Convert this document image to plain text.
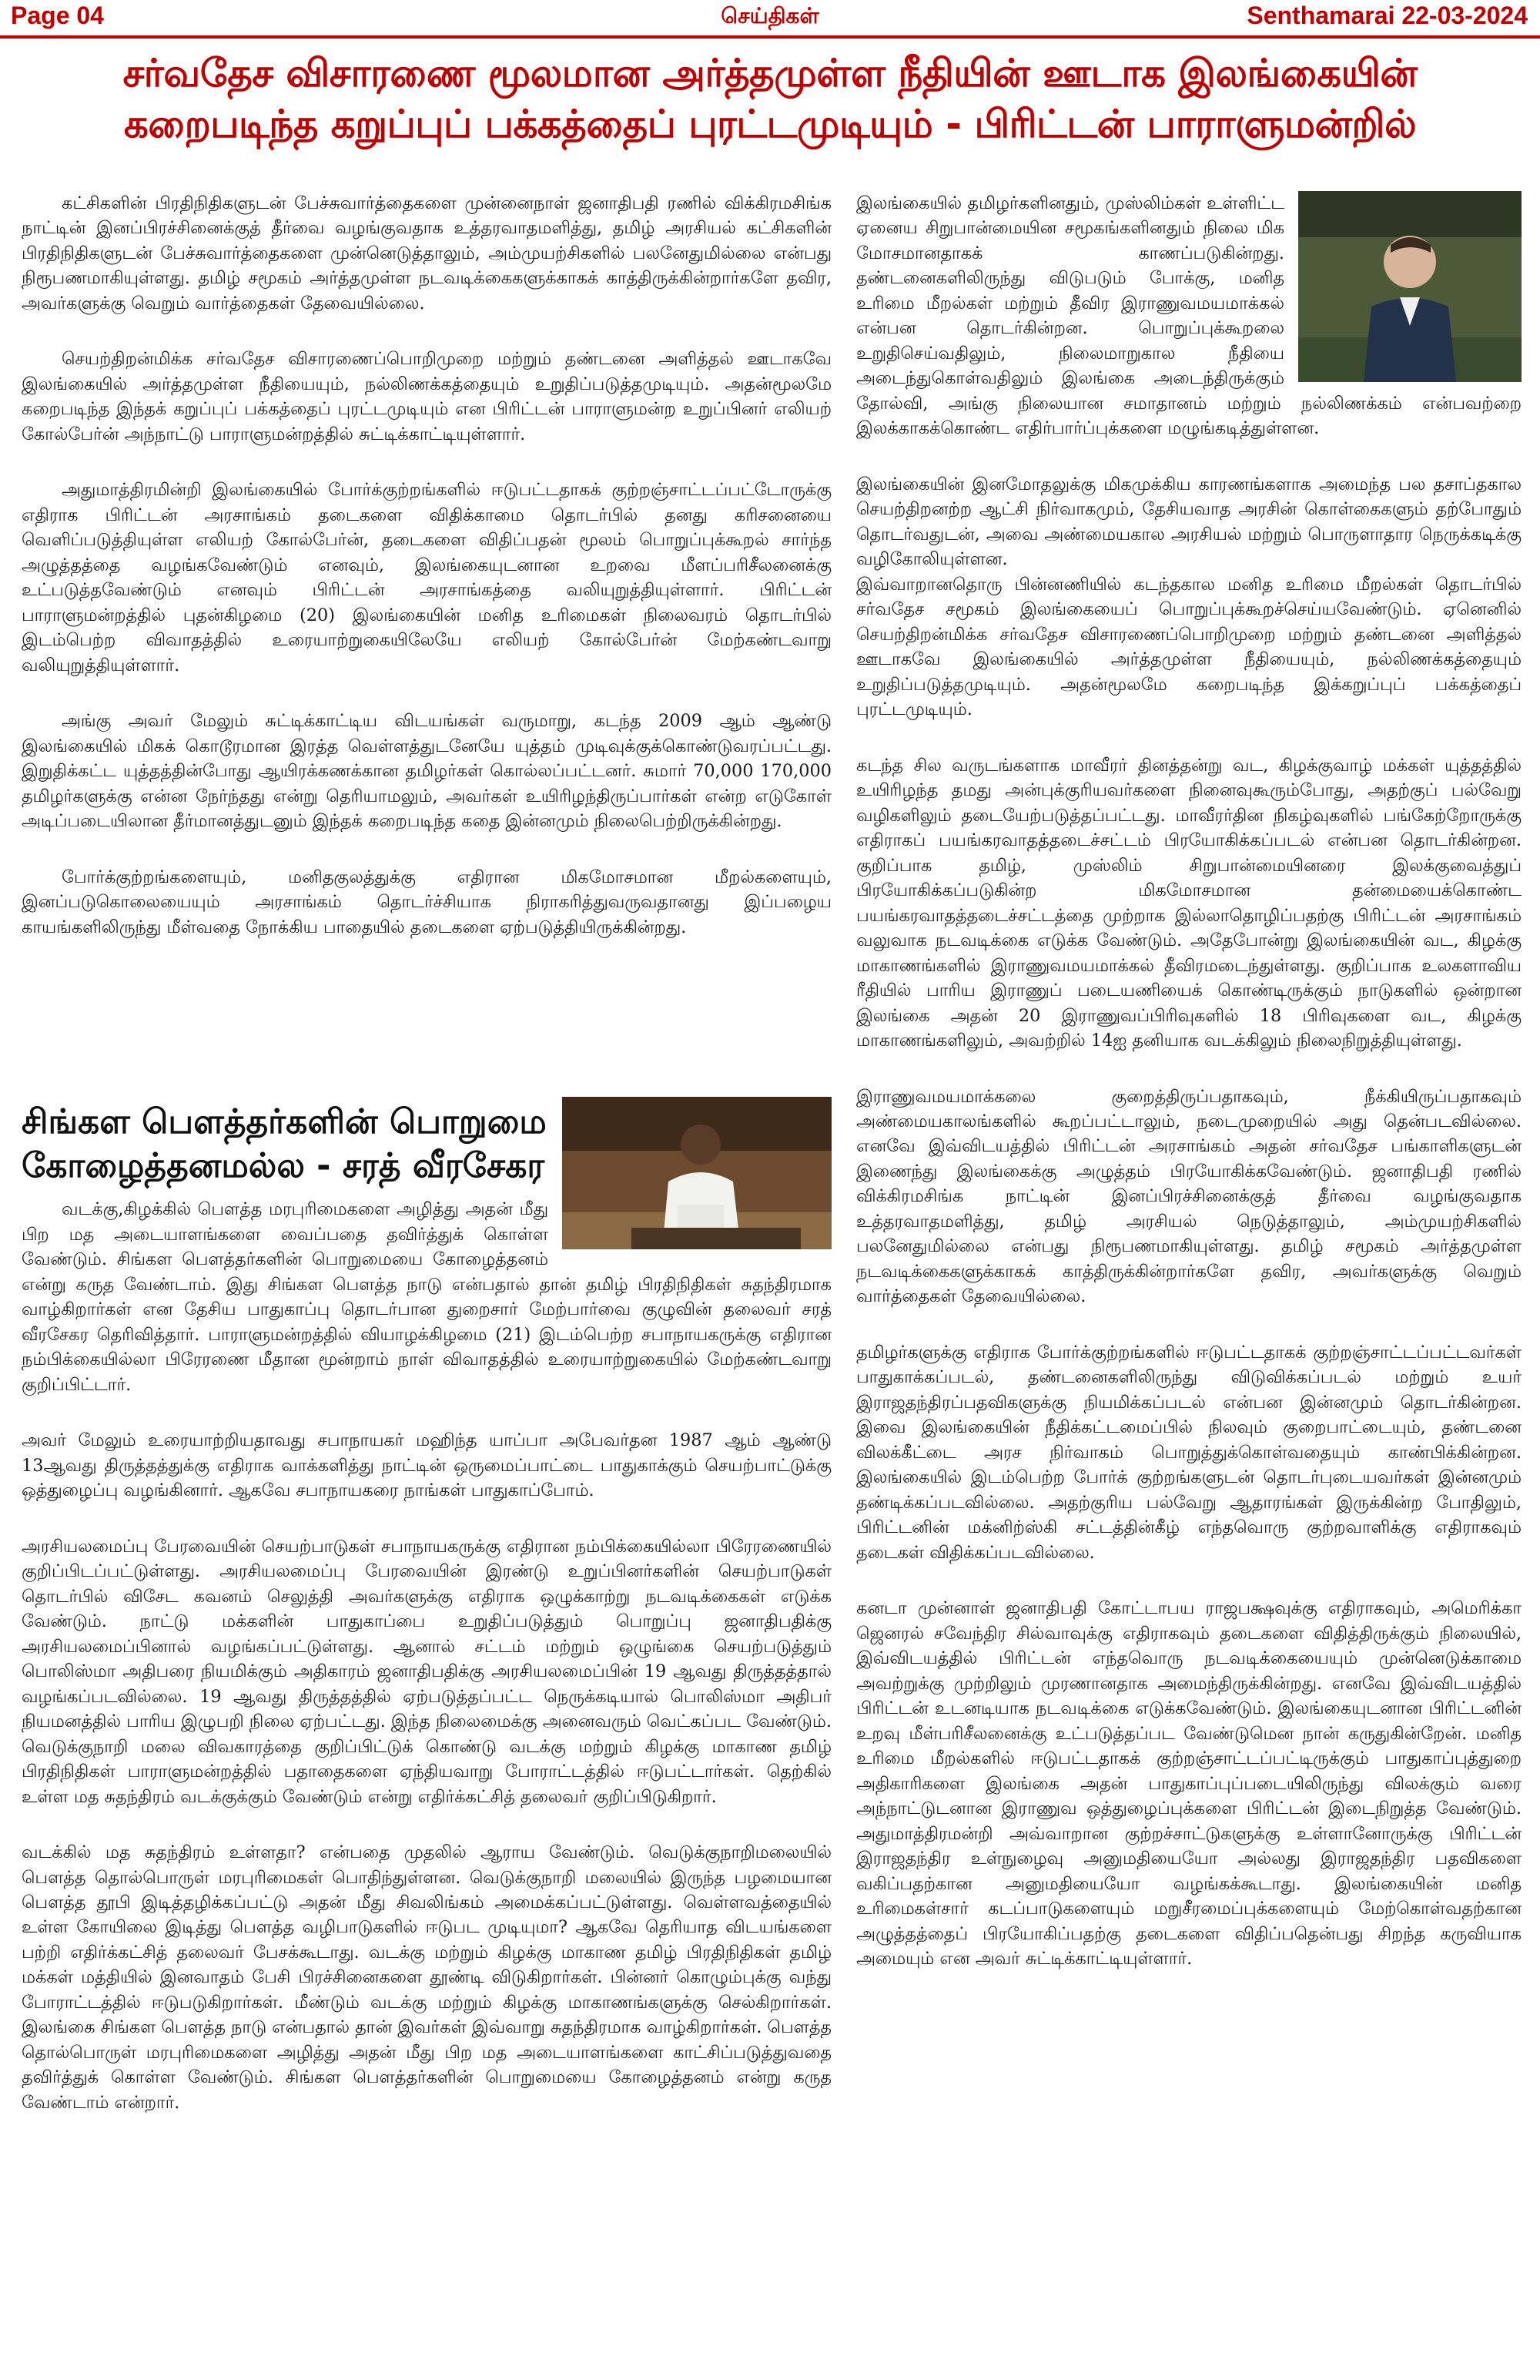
Page 04	செய்திகள்	Senthamarai 22-03-2024
சர்வதேச விசாரணை மூலமான அர்த்தமுள்ள நீதியின் ஊடாக இலங்கையின்
கறைபடிந்த கறுப்புப் பக்கத்தைப் புரட்டமுடியும் - பிரிட்டன் பாராளுமன்றில்

கட்சிகளின் பிரதிநிதிகளுடன் பேச்சுவார்த்தைகளை முன்னைநாள் ஜனாதிபதி ரணில் விக்கிரமசிங்க நாட்டின் இனப்பிரச்சினைக்குத் தீர்வை வழங்குவதாக உத்தரவாதமளித்து, தமிழ் அரசியல் கட்சிகளின் பிரதிநிதிகளுடன் பேச்சுவார்த்தைகளை முன்னெடுத்தாலும், அம்முயற்சிகளில் பலனேதுமில்லை என்பது நிரூபணமாகியுள்ளது. தமிழ் சமூகம் அர்த்தமுள்ள நடவடிக்கைகளுக்காகக் காத்திருக்கின்றார்களே தவிர, அவர்களுக்கு வெறும் வார்த்தைகள் தேவையில்லை.

செயற்திறன்மிக்க சர்வதேச விசாரணைப்பொறிமுறை மற்றும் தண்டனை அளித்தல் ஊடாகவே இலங்கையில் அர்த்தமுள்ள நீதியையும், நல்லிணக்கத்தையும் உறுதிப்படுத்தமுடியும். அதன்மூலமே கறைபடிந்த இந்தக் கறுப்புப் பக்கத்தைப் புரட்டமுடியும் என பிரிட்டன் பாராளுமன்ற உறுப்பினர் எலியற் கோல்பேர்ன் அந்நாட்டு பாராளுமன்றத்தில் சுட்டிக்காட்டியுள்ளார்.

அதுமாத்திரமின்றி இலங்கையில் போர்க்குற்றங்களில் ஈடுபட்டதாகக் குற்றஞ்சாட்டப்பட்டோருக்கு எதிராக பிரிட்டன் அரசாங்கம் தடைகளை விதிக்காமை தொடர்பில் தனது கரிசனையை வெளிப்படுத்தியுள்ள எலியற் கோல்பேர்ன், தடைகளை விதிப்பதன் மூலம் பொறுப்புக்கூறல் சார்ந்த அழுத்தத்தை வழங்கவேண்டும் எனவும், இலங்கையுடனான உறவை மீளப்பரிசீலனைக்கு உட்படுத்தவேண்டும் எனவும் பிரிட்டன் அரசாங்கத்தை வலியுறுத்தியுள்ளார். பிரிட்டன் பாராளுமன்றத்தில் புதன்கிழமை (20) இலங்கையின் மனித உரிமைகள் நிலைவரம் தொடர்பில் இடம்பெற்ற விவாதத்தில் உரையாற்றுகையிலேயே எலியற் கோல்பேர்ன் மேற்கண்டவாறு வலியுறுத்தியுள்ளார்.

அங்கு அவர் மேலும் சுட்டிக்காட்டிய விடயங்கள் வருமாறு, கடந்த 2009 ஆம் ஆண்டு இலங்கையில் மிகக் கொடூரமான இரத்த வெள்ளத்துடனேயே யுத்தம் முடிவுக்குக்கொண்டுவரப்பட்டது. இறுதிக்கட்ட யுத்தத்தின்போது ஆயிரக்கணக்கான தமிழர்கள் கொல்லப்பட்டனர். சுமார் 70,000 170,000 தமிழர்களுக்கு என்ன நேர்ந்தது என்று தெரியாமலும், அவர்கள் உயிரிழந்திருப்பார்கள் என்ற எடுகோள் அடிப்படையிலான தீர்மானத்துடனும் இந்தக் கறைபடிந்த கதை இன்னமும் நிலைபெற்றிருக்கின்றது.

போர்க்குற்றங்களையும், மனிதகுலத்துக்கு எதிரான மிகமோசமான மீறல்களையும், இனப்படுகொலையையும் அரசாங்கம் தொடர்ச்சியாக நிராகரித்துவருவதானது இப்பழைய காயங்களிலிருந்து மீள்வதை நோக்கிய பாதையில் தடைகளை ஏற்படுத்தியிருக்கின்றது.

சிங்கள பௌத்தர்களின் பொறுமை
கோழைத்தனமல்ல - சரத் வீரசேகர

வடக்கு,கிழக்கில் பௌத்த மரபுரிமைகளை அழித்து அதன் மீது பிற மத அடையாளங்களை வைப்பதை தவிர்த்துக் கொள்ள வேண்டும். சிங்கள பௌத்தர்களின் பொறுமையை கோழைத்தனம் என்று கருத வேண்டாம். இது சிங்கள பௌத்த நாடு என்பதால் தான் தமிழ் பிரதிநிதிகள் சுதந்திரமாக வாழ்கிறார்கள் என தேசிய பாதுகாப்பு தொடர்பான துறைசார் மேற்பார்வை குழுவின் தலைவர் சரத் வீரசேகர தெரிவித்தார். பாராளுமன்றத்தில் வியாழக்கிழமை (21) இடம்பெற்ற சபாநாயகருக்கு எதிரான நம்பிக்கையில்லா பிரேரணை மீதான மூன்றாம் நாள் விவாதத்தில் உரையாற்றுகையில் மேற்கண்டவாறு குறிப்பிட்டார்.

அவர் மேலும் உரையாற்றியதாவது சபாநாயகர் மஹிந்த யாப்பா அபேவர்தன 1987 ஆம் ஆண்டு 13ஆவது திருத்தத்துக்கு எதிராக வாக்களித்து நாட்டின் ஒருமைப்பாட்டை பாதுகாக்கும் செயற்பாட்டுக்கு ஒத்துழைப்பு வழங்கினார். ஆகவே சபாநாயகரை நாங்கள் பாதுகாப்போம்.

அரசியலமைப்பு பேரவையின் செயற்பாடுகள் சபாநாயகருக்கு எதிரான நம்பிக்கையில்லா பிரேரணையில் குறிப்பிடப்பட்டுள்ளது. அரசியலமைப்பு பேரவையின் இரண்டு உறுப்பினர்களின் செயற்பாடுகள் தொடர்பில் விசேட கவனம் செலுத்தி அவர்களுக்கு எதிராக ஒழுக்காற்று நடவடிக்கைகள் எடுக்க வேண்டும். நாட்டு மக்களின் பாதுகாப்பை உறுதிப்படுத்தும் பொறுப்பு ஜனாதிபதிக்கு அரசியலமைப்பினால் வழங்கப்பட்டுள்ளது. ஆனால் சட்டம் மற்றும் ஒழுங்கை செயற்படுத்தும் பொலிஸ்மா அதிபரை நியமிக்கும் அதிகாரம் ஜனாதிபதிக்கு அரசியலமைப்பின் 19 ஆவது திருத்தத்தால் வழங்கப்படவில்லை. 19 ஆவது திருத்தத்தில் ஏற்படுத்தப்பட்ட நெருக்கடியால் பொலிஸ்மா அதிபர் நியமனத்தில் பாரிய இழுபறி நிலை ஏற்பட்டது. இந்த நிலைமைக்கு அனைவரும் வெட்கப்பட வேண்டும். வெடுக்குநாறி மலை விவகாரத்தை குறிப்பிட்டுக் கொண்டு வடக்கு மற்றும் கிழக்கு மாகாண தமிழ் பிரதிநிதிகள் பாராளுமன்றத்தில் பதாதைகளை ஏந்தியவாறு போராட்டத்தில் ஈடுபட்டார்கள். தெற்கில் உள்ள மத சுதந்திரம் வடக்குக்கும் வேண்டும் என்று எதிர்க்கட்சித் தலைவர் குறிப்பிடுகிறார்.

வடக்கில் மத சுதந்திரம் உள்ளதா? என்பதை முதலில் ஆராய வேண்டும். வெடுக்குநாறிமலையில் பௌத்த தொல்பொருள் மரபுரிமைகள் பொதிந்துள்ளன. வெடுக்குநாறி மலையில் இருந்த பழமையான பௌத்த தூபி இடித்தழிக்கப்பட்டு அதன் மீது சிவலிங்கம் அமைக்கப்பட்டுள்ளது. வெள்ளவத்தையில் உள்ள கோயிலை இடித்து பௌத்த வழிபாடுகளில் ஈடுபட முடியுமா? ஆகவே தெரியாத விடயங்களை பற்றி எதிர்க்கட்சித் தலைவர் பேசக்கூடாது. வடக்கு மற்றும் கிழக்கு மாகாண தமிழ் பிரதிநிதிகள் தமிழ் மக்கள் மத்தியில் இனவாதம் பேசி பிரச்சினைகளை தூண்டி விடுகிறார்கள். பின்னர் கொழும்புக்கு வந்து போராட்டத்தில் ஈடுபடுகிறார்கள். மீண்டும் வடக்கு மற்றும் கிழக்கு மாகாணங்களுக்கு செல்கிறார்கள். இலங்கை சிங்கள பௌத்த நாடு என்பதால் தான் இவர்கள் இவ்வாறு சுதந்திரமாக வாழ்கிறார்கள். பௌத்த தொல்பொருள் மரபுரிமைகளை அழித்து அதன் மீது பிற மத அடையாளங்களை காட்சிப்படுத்துவதை தவிர்த்துக் கொள்ள வேண்டும். சிங்கள பௌத்தர்களின் பொறுமையை கோழைத்தனம் என்று கருத வேண்டாம் என்றார்.

இலங்கையில் தமிழர்களினதும், முஸ்லிம்கள் உள்ளிட்ட ஏனைய சிறுபான்மையின சமூகங்களினதும் நிலை மிக மோசமானதாகக் காணப்படுகின்றது. தண்டனைகளிலிருந்து விடுபடும் போக்கு, மனித உரிமை மீறல்கள் மற்றும் தீவிர இராணுவமயமாக்கல் என்பன தொடர்கின்றன. பொறுப்புக்கூறலை உறுதிசெய்வதிலும், நிலைமாறுகால நீதியை அடைந்துகொள்வதிலும் இலங்கை அடைந்திருக்கும் தோல்வி, அங்கு நிலையான சமாதானம் மற்றும் நல்லிணக்கம் என்பவற்றை இலக்காகக்கொண்ட எதிர்பார்ப்புக்களை மழுங்கடித்துள்ளன.

இலங்கையின் இனமோதலுக்கு மிகமுக்கிய காரணங்களாக அமைந்த பல தசாப்தகால செயற்திறனற்ற ஆட்சி நிர்வாகமும், தேசியவாத அரசின் கொள்கைகளும் தற்போதும் தொடர்வதுடன், அவை அண்மையகால அரசியல் மற்றும் பொருளாதார நெருக்கடிக்கு வழிகோலியுள்ளன.

இவ்வாறானதொரு பின்னணியில் கடந்தகால மனித உரிமை மீறல்கள் தொடர்பில் சர்வதேச சமூகம் இலங்கையைப் பொறுப்புக்கூறச்செய்யவேண்டும். ஏனெனில் செயற்திறன்மிக்க சர்வதேச விசாரணைப்பொறிமுறை மற்றும் தண்டனை அளித்தல் ஊடாகவே இலங்கையில் அர்த்தமுள்ள நீதியையும், நல்லிணக்கத்தையும் உறுதிப்படுத்தமுடியும். அதன்மூலமே கறைபடிந்த இக்கறுப்புப் பக்கத்தைப் புரட்டமுடியும்.

கடந்த சில வருடங்களாக மாவீரர் தினத்தன்று வட, கிழக்குவாழ் மக்கள் யுத்தத்தில் உயிரிழந்த தமது அன்புக்குரியவர்களை நினைவுகூரும்போது, அதற்குப் பல்வேறு வழிகளிலும் தடையேற்படுத்தப்பட்டது. மாவீரர்தின நிகழ்வுகளில் பங்கேற்றோருக்கு எதிராகப் பயங்கரவாதத்தடைச்சட்டம் பிரயோகிக்கப்படல் என்பன தொடர்கின்றன. குறிப்பாக தமிழ், முஸ்லிம் சிறுபான்மையினரை இலக்குவைத்துப் பிரயோகிக்கப்படுகின்ற மிகமோசமான தன்மையைக்கொண்ட பயங்கரவாதத்தடைச்சட்டத்தை முற்றாக இல்லாதொழிப்பதற்கு பிரிட்டன் அரசாங்கம் வலுவாக நடவடிக்கை எடுக்க வேண்டும். அதேபோன்று இலங்கையின் வட, கிழக்கு மாகாணங்களில் இராணுவமயமாக்கல் தீவிரமடைந்துள்ளது. குறிப்பாக உலகளாவிய ரீதியில் பாரிய இராணுப் படையணியைக் கொண்டிருக்கும் நாடுகளில் ஒன்றான இலங்கை அதன் 20 இராணுவப்பிரிவுகளில் 18 பிரிவுகளை வட, கிழக்கு மாகாணங்களிலும், அவற்றில் 14ஐ தனியாக வடக்கிலும் நிலைநிறுத்தியுள்ளது.

இராணுவமயமாக்கலை குறைத்திருப்பதாகவும், நீக்கியிருப்பதாகவும் அண்மையகாலங்களில் கூறப்பட்டாலும், நடைமுறையில் அது தென்படவில்லை. எனவே இவ்விடயத்தில் பிரிட்டன் அரசாங்கம் அதன் சர்வதேச பங்காளிகளுடன் இணைந்து இலங்கைக்கு அழுத்தம் பிரயோகிக்கவேண்டும். ஜனாதிபதி ரணில் விக்கிரமசிங்க நாட்டின் இனப்பிரச்சினைக்குத் தீர்வை வழங்குவதாக உத்தரவாதமளித்து, தமிழ் அரசியல் நெடுத்தாலும், அம்முயற்சிகளில் பலனேதுமில்லை என்பது நிரூபணமாகியுள்ளது. தமிழ் சமூகம் அர்த்தமுள்ள நடவடிக்கைகளுக்காகக் காத்திருக்கின்றார்களே தவிர, அவர்களுக்கு வெறும் வார்த்தைகள் தேவையில்லை.

தமிழர்களுக்கு எதிராக போர்க்குற்றங்களில் ஈடுபட்டதாகக் குற்றஞ்சாட்டப்பட்டவர்கள் பாதுகாக்கப்படல், தண்டனைகளிலிருந்து விடுவிக்கப்படல் மற்றும் உயர் இராஜதந்திரப்பதவிகளுக்கு நியமிக்கப்படல் என்பன இன்னமும் தொடர்கின்றன. இவை இலங்கையின் நீதிக்கட்டமைப்பில் நிலவும் குறைபாட்டையும், தண்டனை விலக்கீட்டை அரச நிர்வாகம் பொறுத்துக்கொள்வதையும் காண்பிக்கின்றன. இலங்கையில் இடம்பெற்ற போர்க் குற்றங்களுடன் தொடர்புடையவர்கள் இன்னமும் தண்டிக்கப்படவில்லை. அதற்குரிய பல்வேறு ஆதாரங்கள் இருக்கின்ற போதிலும், பிரிட்டனின் மக்னிற்ஸ்கி சட்டத்தின்கீழ் எந்தவொரு குற்றவாளிக்கு எதிராகவும் தடைகள் விதிக்கப்படவில்லை.

கனடா முன்னாள் ஜனாதிபதி கோட்டாபய ராஜபக்ஷவுக்கு எதிராகவும், அமெரிக்கா ஜெனரல் சவேந்திர சில்வாவுக்கு எதிராகவும் தடைகளை விதித்திருக்கும் நிலையில், இவ்விடயத்தில் பிரிட்டன் எந்தவொரு நடவடிக்கையையும் முன்னெடுக்காமை அவற்றுக்கு முற்றிலும் முரணானதாக அமைந்திருக்கின்றது. எனவே இவ்விடயத்தில் பிரிட்டன் உடனடியாக நடவடிக்கை எடுக்கவேண்டும். இலங்கையுடனான பிரிட்டனின் உறவு மீள்பரிசீலனைக்கு உட்படுத்தப்பட வேண்டுமென நான் கருதுகின்றேன். மனித உரிமை மீறல்களில் ஈடுபட்டதாகக் குற்றஞ்சாட்டப்பட்டிருக்கும் பாதுகாப்புத்துறை அதிகாரிகளை இலங்கை அதன் பாதுகாப்புப்படையிலிருந்து விலக்கும் வரை அந்நாட்டுடனான இராணுவ ஒத்துழைப்புக்களை பிரிட்டன் இடைநிறுத்த வேண்டும். அதுமாத்திரமன்றி அவ்வாறான குற்றச்சாட்டுகளுக்கு உள்ளானோருக்கு பிரிட்டன் இராஜதந்திர உள்நுழைவு அனுமதியையோ அல்லது இராஜதந்திர பதவிகளை வகிப்பதற்கான அனுமதியையோ வழங்கக்கூடாது. இலங்கையின் மனித உரிமைகள்சார் கடப்பாடுகளையும் மறுசீரமைப்புக்களையும் மேற்கொள்வதற்கான அழுத்தத்தைப் பிரயோகிப்பதற்கு தடைகளை விதிப்பதென்பது சிறந்த கருவியாக அமையும் என அவர் சுட்டிக்காட்டியுள்ளார்.
